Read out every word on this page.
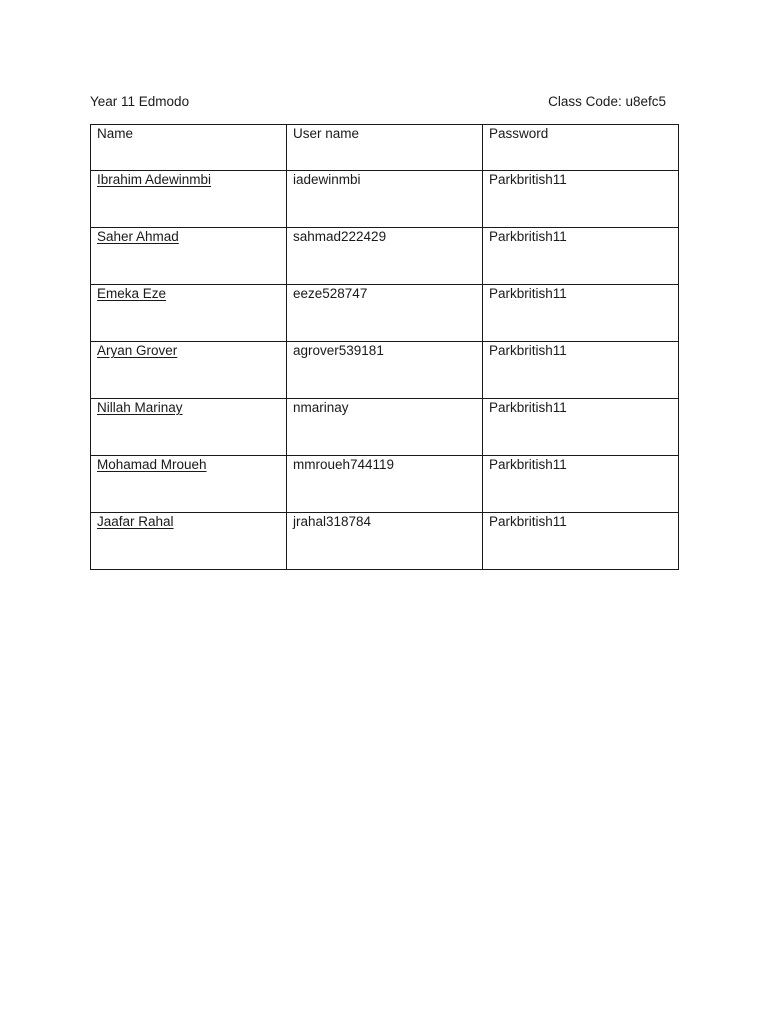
Year 11 Edmodo	Class Code: u8efc5
Name	User name	Password
Ibrahim Adewinmbi	iadewinmbi	Parkbritish11
Saher Ahmad	sahmad222429	Parkbritish11
Emeka Eze	eeze528747	Parkbritish11
Aryan Grover	agrover539181	Parkbritish11
Nillah Marinay	nmarinay	Parkbritish11
Mohamad Mroueh	mmroueh744119	Parkbritish11
Jaafar Rahal	jrahal318784	Parkbritish11
